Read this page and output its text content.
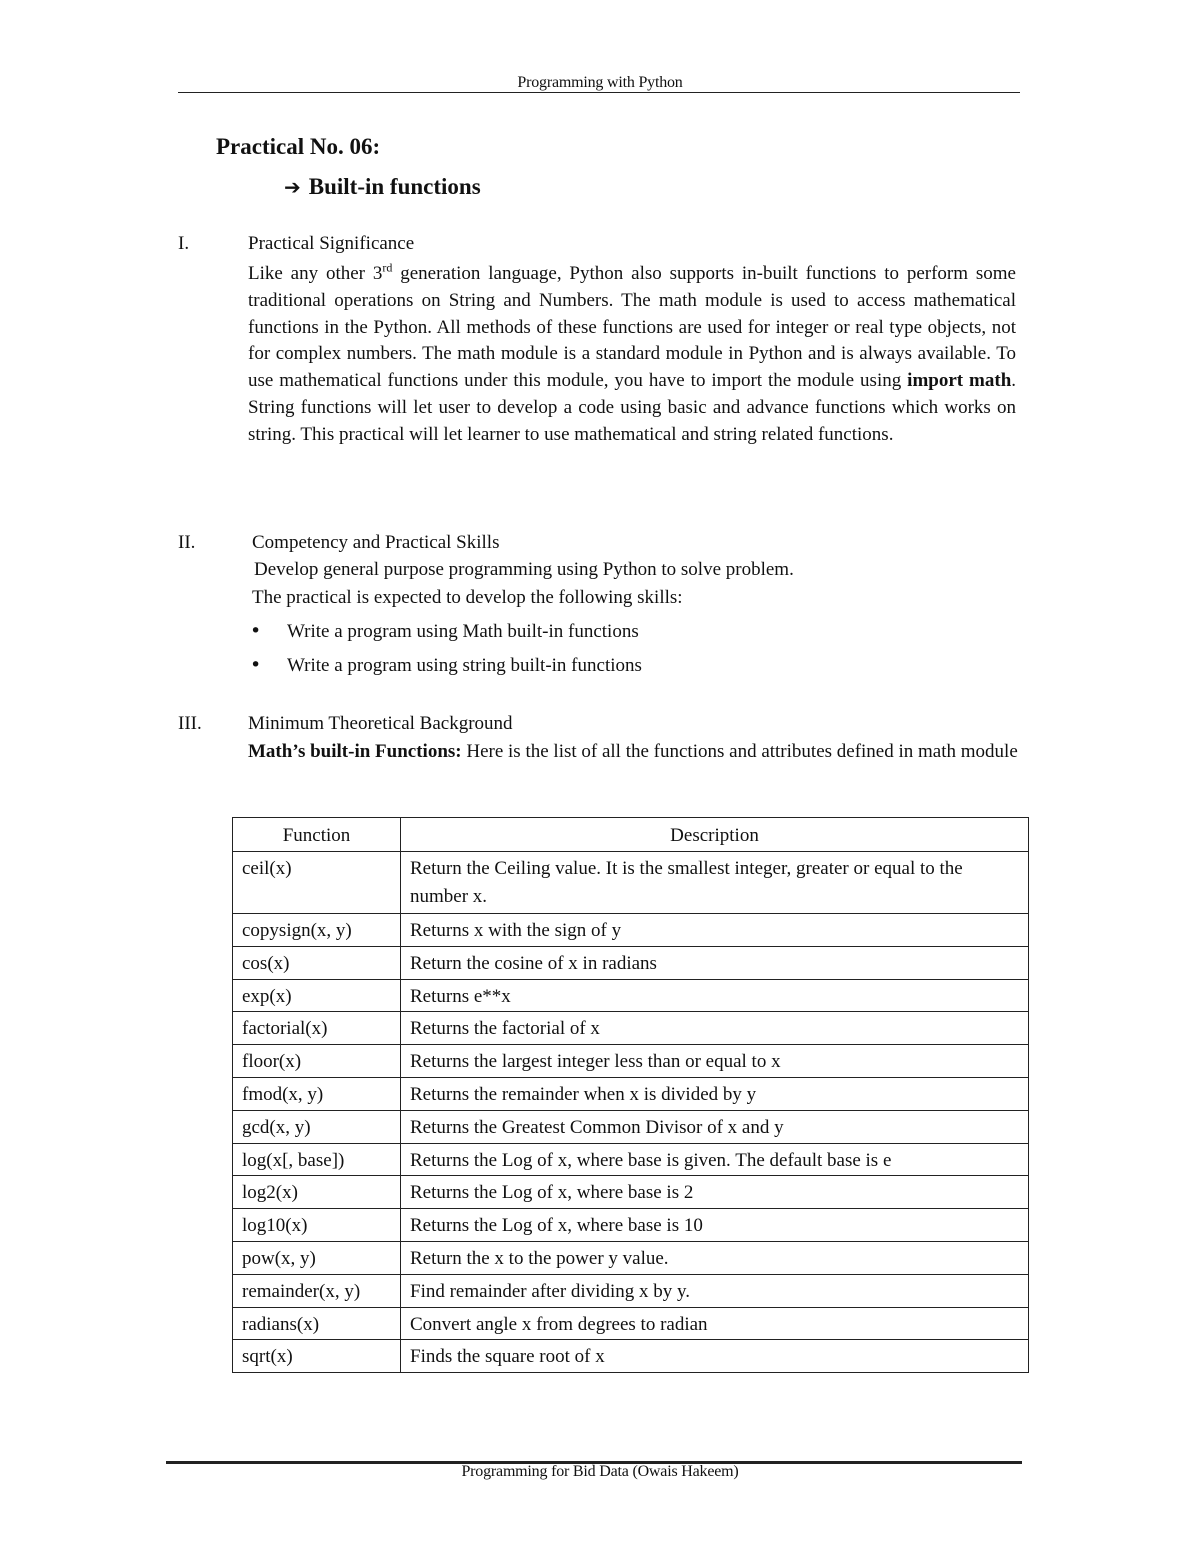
Programming with Python
Practical No. 06:
➔ Built-in functions
I.	Practical Significance
Like any other 3rd generation language, Python also supports in-built functions to perform some traditional operations on String and Numbers. The math module is used to access mathematical functions in the Python. All methods of these functions are used for integer or real type objects, not for complex numbers. The math module is a standard module in Python and is always available. To use mathematical functions under this module, you have to import the module using import math. String functions will let user to develop a code using basic and advance functions which works on string. This practical will let learner to use mathematical and string related functions.
II.	Competency and Practical Skills
Develop general purpose programming using Python to solve problem.
The practical is expected to develop the following skills:
• Write a program using Math built-in functions
• Write a program using string built-in functions
III. Minimum Theoretical Background
Math’s built-in Functions: Here is the list of all the functions and attributes defined in math module
Function	Description
ceil(x)	Return the Ceiling value. It is the smallest integer, greater or equal to the number x.
copysign(x, y)	Returns x with the sign of y
cos(x)	Return the cosine of x in radians
exp(x)	Returns e**x
factorial(x)	Returns the factorial of x
floor(x)	Returns the largest integer less than or equal to x
fmod(x, y)	Returns the remainder when x is divided by y
gcd(x, y)	Returns the Greatest Common Divisor of x and y
log(x[, base])	Returns the Log of x, where base is given. The default base is e
log2(x)	Returns the Log of x, where base is 2
log10(x)	Returns the Log of x, where base is 10
pow(x, y)	Return the x to the power y value.
remainder(x, y)	Find remainder after dividing x by y.
radians(x)	Convert angle x from degrees to radian
sqrt(x)	Finds the square root of x
Programming for Bid Data (Owais Hakeem)
